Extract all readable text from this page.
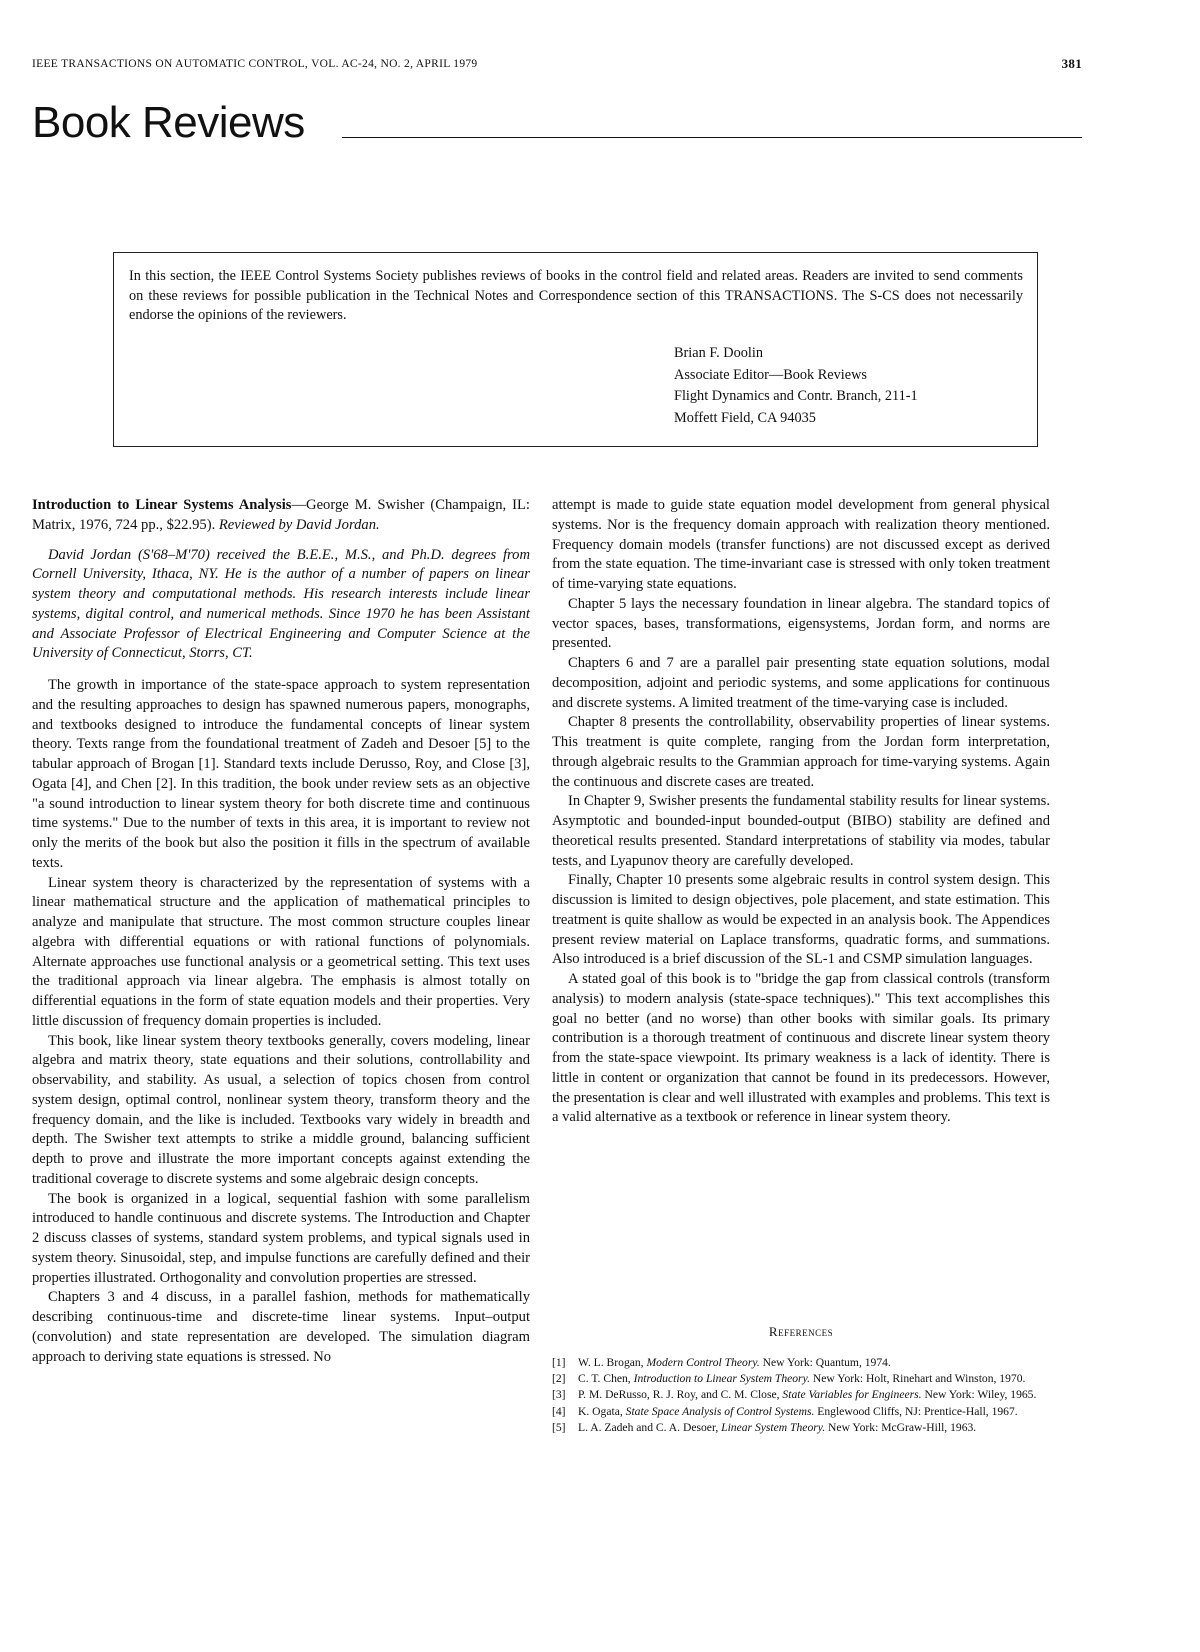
IEEE TRANSACTIONS ON AUTOMATIC CONTROL, VOL. AC-24, NO. 2, APRIL 1979	381
Book Reviews
In this section, the IEEE Control Systems Society publishes reviews of books in the control field and related areas. Readers are invited to send comments on these reviews for possible publication in the Technical Notes and Correspondence section of this TRANSACTIONS. The S-CS does not necessarily endorse the opinions of the reviewers.
Brian F. Doolin
Associate Editor—Book Reviews
Flight Dynamics and Contr. Branch, 211-1
Moffett Field, CA 94035

Introduction to Linear Systems Analysis—George M. Swisher (Champaign, IL: Matrix, 1976, 724 pp., $22.95). Reviewed by David Jordan.

David Jordan (S'68–M'70) received the B.E.E., M.S., and Ph.D. degrees from Cornell University, Ithaca, NY. He is the author of a number of papers on linear system theory and computational methods. His research interests include linear systems, digital control, and numerical methods. Since 1970 he has been Assistant and Associate Professor of Electrical Engineering and Computer Science at the University of Connecticut, Storrs, CT.

The growth in importance of the state-space approach to system representation and the resulting approaches to design has spawned numerous papers, monographs, and textbooks designed to introduce the fundamental concepts of linear system theory. Texts range from the foundational treatment of Zadeh and Desoer [5] to the tabular approach of Brogan [1]. Standard texts include Derusso, Roy, and Close [3], Ogata [4], and Chen [2]. In this tradition, the book under review sets as an objective "a sound introduction to linear system theory for both discrete time and continuous time systems." Due to the number of texts in this area, it is important to review not only the merits of the book but also the position it fills in the spectrum of available texts.

Linear system theory is characterized by the representation of systems with a linear mathematical structure and the application of mathematical principles to analyze and manipulate that structure. The most common structure couples linear algebra with differential equations or with rational functions of polynomials. Alternate approaches use functional analysis or a geometrical setting. This text uses the traditional approach via linear algebra. The emphasis is almost totally on differential equations in the form of state equation models and their properties. Very little discussion of frequency domain properties is included.

This book, like linear system theory textbooks generally, covers modeling, linear algebra and matrix theory, state equations and their solutions, controllability and observability, and stability. As usual, a selection of topics chosen from control system design, optimal control, nonlinear system theory, transform theory and the frequency domain, and the like is included. Textbooks vary widely in breadth and depth. The Swisher text attempts to strike a middle ground, balancing sufficient depth to prove and illustrate the more important concepts against extending the traditional coverage to discrete systems and some algebraic design concepts.

The book is organized in a logical, sequential fashion with some parallelism introduced to handle continuous and discrete systems. The Introduction and Chapter 2 discuss classes of systems, standard system problems, and typical signals used in system theory. Sinusoidal, step, and impulse functions are carefully defined and their properties illustrated. Orthogonality and convolution properties are stressed.

Chapters 3 and 4 discuss, in a parallel fashion, methods for mathematically describing continuous-time and discrete-time linear systems. Input–output (convolution) and state representation are developed. The simulation diagram approach to deriving state equations is stressed. No

attempt is made to guide state equation model development from general physical systems. Nor is the frequency domain approach with realization theory mentioned. Frequency domain models (transfer functions) are not discussed except as derived from the state equation. The time-invariant case is stressed with only token treatment of time-varying state equations.

Chapter 5 lays the necessary foundation in linear algebra. The standard topics of vector spaces, bases, transformations, eigensystems, Jordan form, and norms are presented.

Chapters 6 and 7 are a parallel pair presenting state equation solutions, modal decomposition, adjoint and periodic systems, and some applications for continuous and discrete systems. A limited treatment of the time-varying case is included.

Chapter 8 presents the controllability, observability properties of linear systems. This treatment is quite complete, ranging from the Jordan form interpretation, through algebraic results to the Grammian approach for time-varying systems. Again the continuous and discrete cases are treated.

In Chapter 9, Swisher presents the fundamental stability results for linear systems. Asymptotic and bounded-input bounded-output (BIBO) stability are defined and theoretical results presented. Standard interpretations of stability via modes, tabular tests, and Lyapunov theory are carefully developed.

Finally, Chapter 10 presents some algebraic results in control system design. This discussion is limited to design objectives, pole placement, and state estimation. This treatment is quite shallow as would be expected in an analysis book. The Appendices present review material on Laplace transforms, quadratic forms, and summations. Also introduced is a brief discussion of the SL-1 and CSMP simulation languages.

A stated goal of this book is to "bridge the gap from classical controls (transform analysis) to modern analysis (state-space techniques)." This text accomplishes this goal no better (and no worse) than other books with similar goals. Its primary contribution is a thorough treatment of continuous and discrete linear system theory from the state-space viewpoint. Its primary weakness is a lack of identity. There is little in content or organization that cannot be found in its predecessors. However, the presentation is clear and well illustrated with examples and problems. This text is a valid alternative as a textbook or reference in linear system theory.

References
[1] W. L. Brogan, Modern Control Theory. New York: Quantum, 1974.
[2] C. T. Chen, Introduction to Linear System Theory. New York: Holt, Rinehart and Winston, 1970.
[3] P. M. DeRusso, R. J. Roy, and C. M. Close, State Variables for Engineers. New York: Wiley, 1965.
[4] K. Ogata, State Space Analysis of Control Systems. Englewood Cliffs, NJ: Prentice-Hall, 1967.
[5] L. A. Zadeh and C. A. Desoer, Linear System Theory. New York: McGraw-Hill, 1963.
